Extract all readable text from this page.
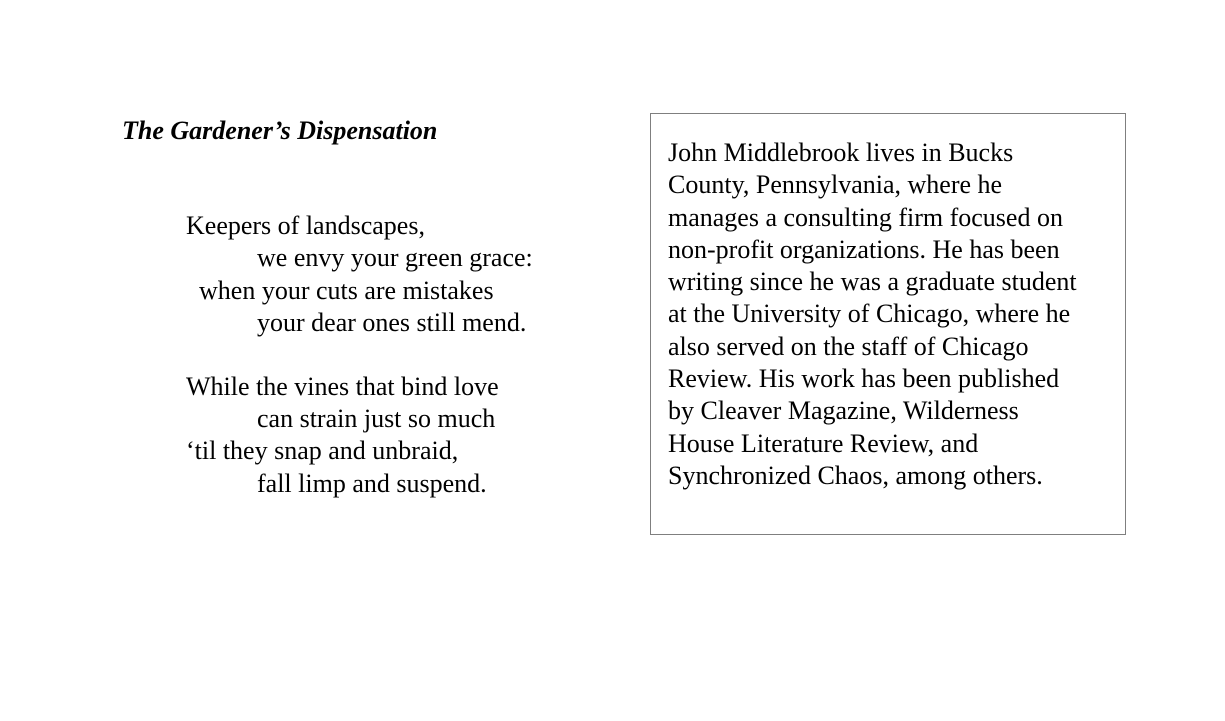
The Gardener’s Dispensation

Keepers of landscapes,
we envy your green grace:
when your cuts are mistakes
your dear ones still mend.

While the vines that bind love
can strain just so much
‘til they snap and unbraid,
fall limp and suspend.

John Middlebrook lives in Bucks
County, Pennsylvania, where he
manages a consulting firm focused on
non-profit organizations. He has been
writing since he was a graduate student
at the University of Chicago, where he
also served on the staff of Chicago
Review. His work has been published
by Cleaver Magazine, Wilderness
House Literature Review, and
Synchronized Chaos, among others.
